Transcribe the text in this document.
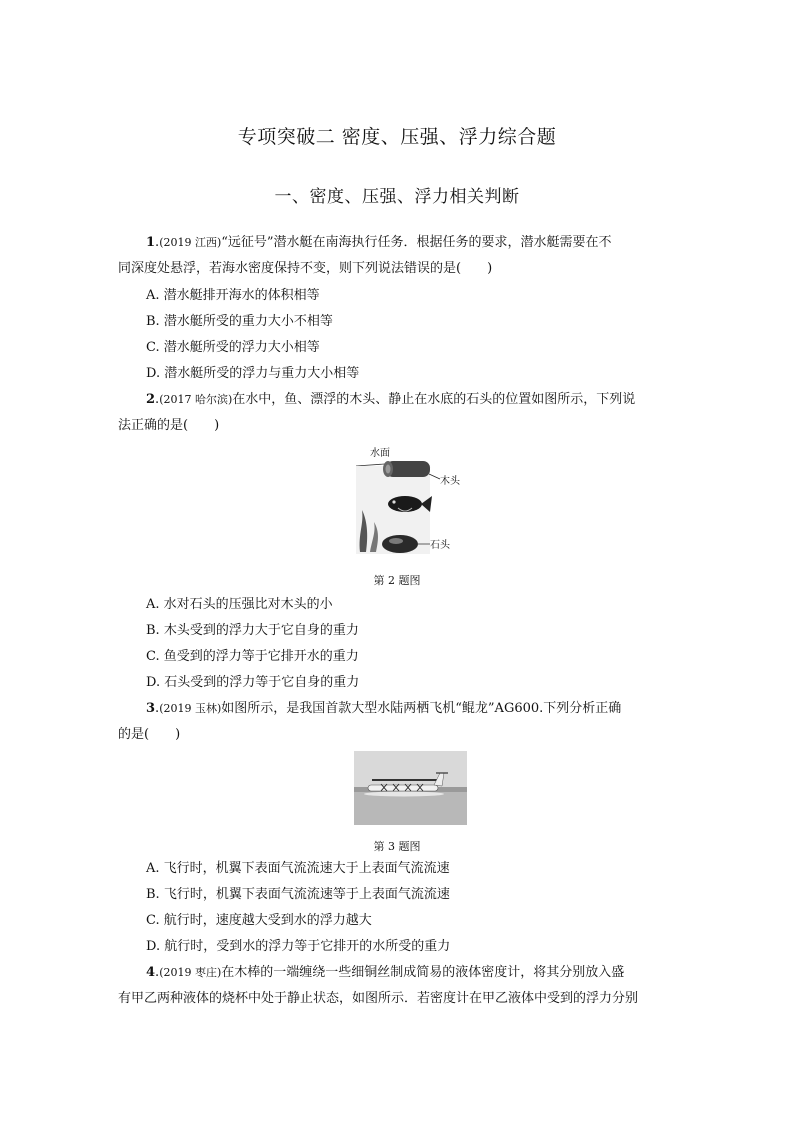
专项突破二 密度、压强、浮力综合题
一、密度、压强、浮力相关判断
1.(2019 江西)“远征号”潜水艇在南海执行任务．根据任务的要求，潜水艇需要在不
同深度处悬浮，若海水密度保持不变，则下列说法错误的是(　　)
A. 潜水艇排开海水的体积相等
B. 潜水艇所受的重力大小不相等
C. 潜水艇所受的浮力大小相等
D. 潜水艇所受的浮力与重力大小相等
2.(2017 哈尔滨)在水中，鱼、漂浮的木头、静止在水底的石头的位置如图所示，下列说
法正确的是(　　)
水面
木头
石头
第 2 题图
A. 水对石头的压强比对木头的小
B. 木头受到的浮力大于它自身的重力
C. 鱼受到的浮力等于它排开水的重力
D. 石头受到的浮力等于它自身的重力
3.(2019 玉林)如图所示，是我国首款大型水陆两栖飞机“鲲龙”AG600.下列分析正确
的是(　　)
第 3 题图
A. 飞行时，机翼下表面气流流速大于上表面气流流速
B. 飞行时，机翼下表面气流流速等于上表面气流流速
C. 航行时，速度越大受到水的浮力越大
D. 航行时，受到水的浮力等于它排开的水所受的重力
4.(2019 枣庄)在木棒的一端缠绕一些细铜丝制成简易的液体密度计，将其分别放入盛
有甲乙两种液体的烧杯中处于静止状态，如图所示．若密度计在甲乙液体中受到的浮力分别
